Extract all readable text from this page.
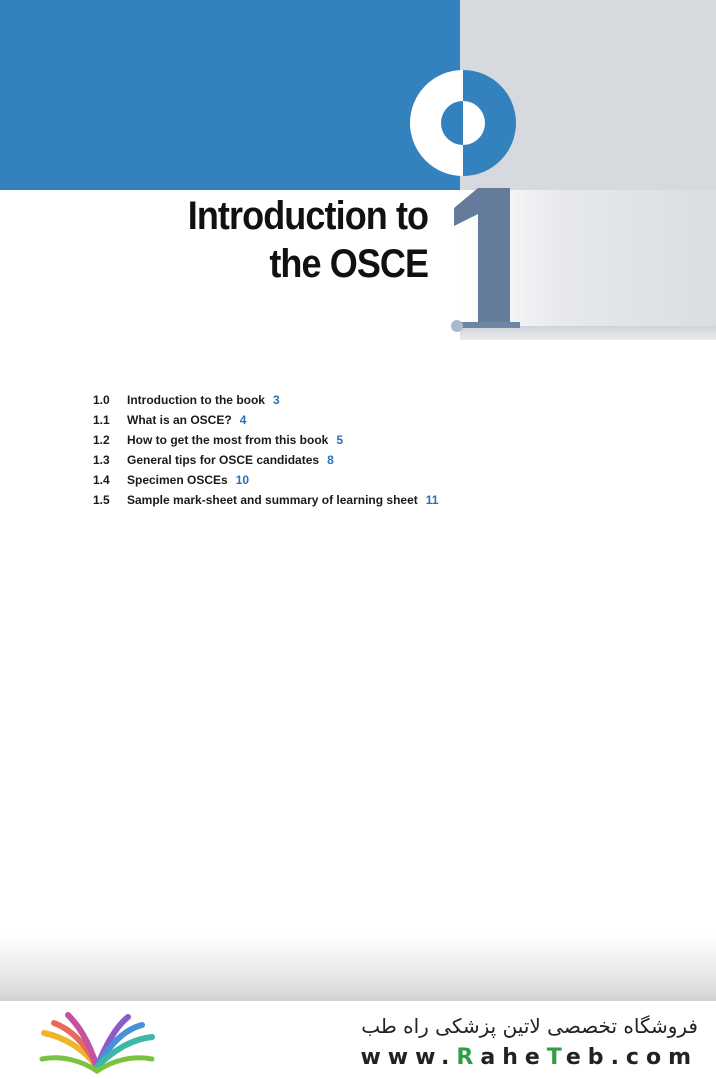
Introduction to
the OSCE
1.0 Introduction to the book 3
1.1 What is an OSCE? 4
1.2 How to get the most from this book 5
1.3 General tips for OSCE candidates 8
1.4 Specimen OSCEs 10
1.5 Sample mark-sheet and summary of learning sheet 11

فروشگاه تخصصی لاتین پزشکی راه طب

www.RaheTeb.com
